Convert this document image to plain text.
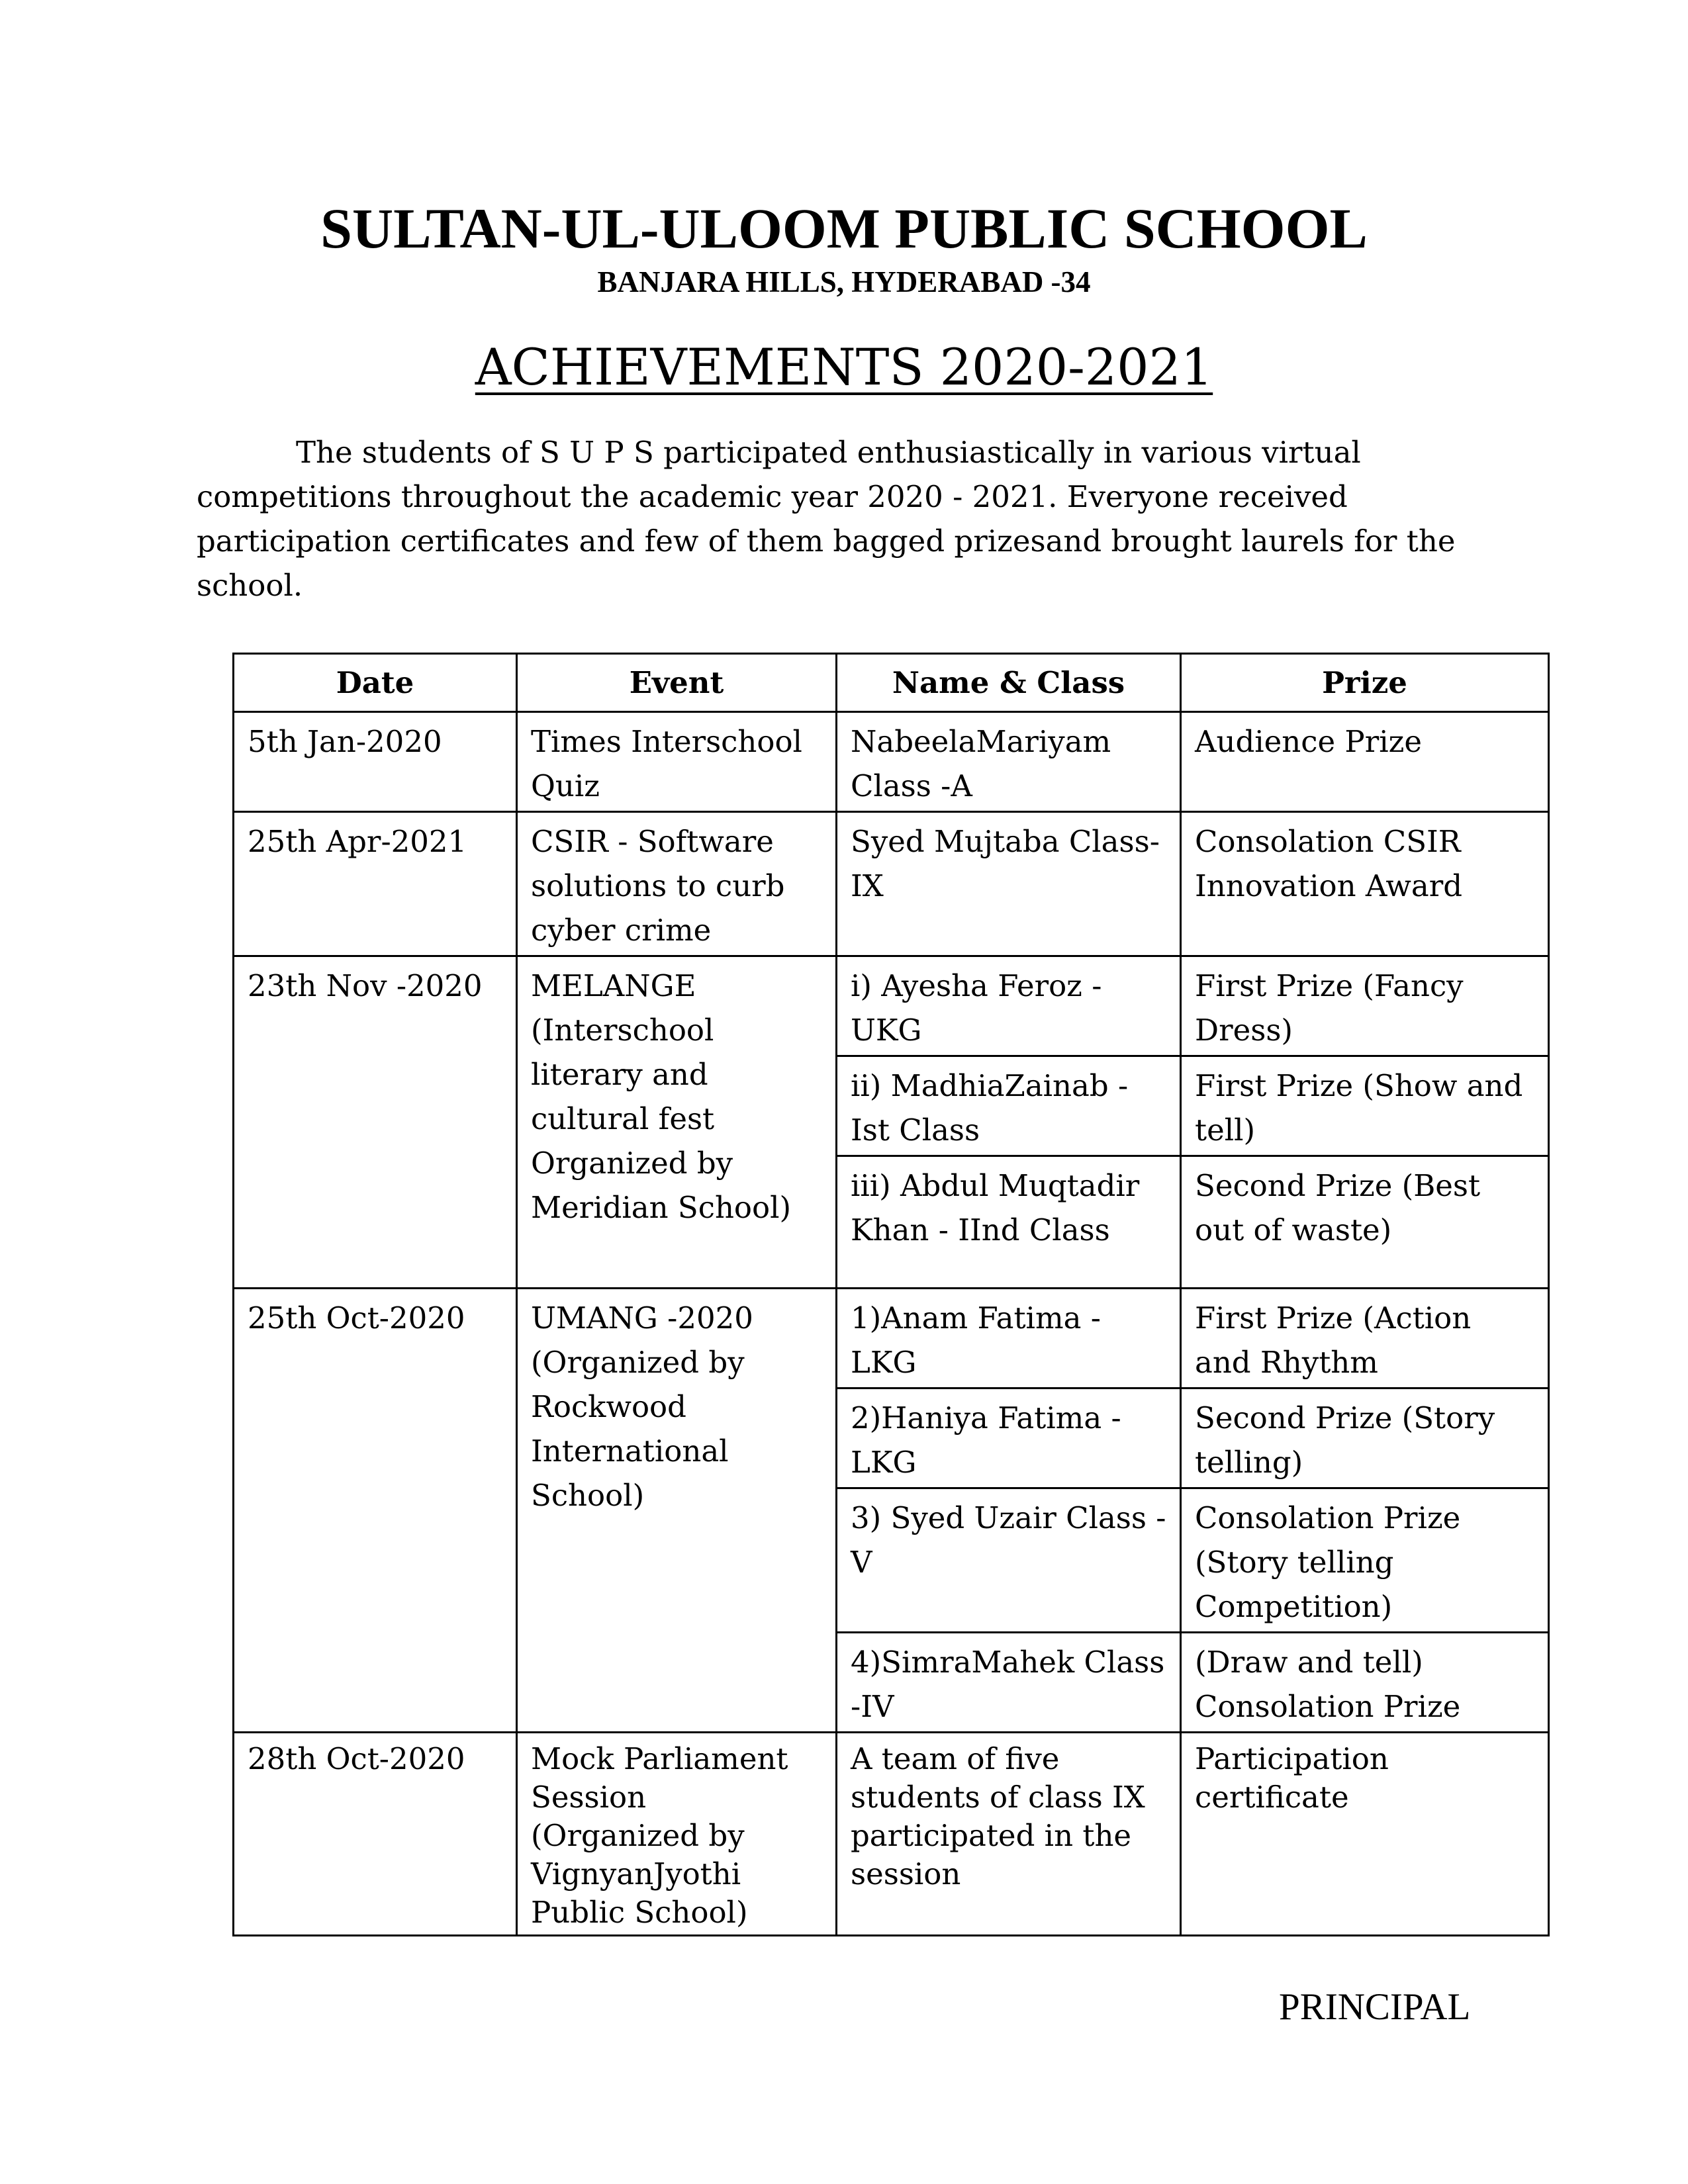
SULTAN-UL-ULOOM PUBLIC SCHOOL
BANJARA HILLS, HYDERABAD -34
ACHIEVEMENTS 2020-2021

The students of S U P S participated enthusiastically in various virtual competitions throughout the academic year 2020 - 2021. Everyone received participation certificates and few of them bagged prizesand brought laurels for the school.

Date	Event	Name & Class	Prize
5th Jan-2020	Times Interschool Quiz	NabeelaMariyam Class -A	Audience Prize
25th Apr-2021	CSIR - Software solutions to curb cyber crime	Syed Mujtaba Class-IX	Consolation CSIR Innovation Award
23th Nov -2020	MELANGE (Interschool literary and cultural fest Organized by Meridian School)	i) Ayesha Feroz - UKG	First Prize (Fancy Dress)
		ii) MadhiaZainab - Ist Class	First Prize (Show and tell)
		iii) Abdul Muqtadir Khan - IInd Class	Second Prize (Best out of waste)
25th Oct-2020	UMANG -2020 (Organized by Rockwood International School)	1)Anam Fatima - LKG	First Prize (Action and Rhythm
		2)Haniya Fatima - LKG	Second Prize (Story telling)
		3) Syed Uzair Class -V	Consolation Prize (Story telling Competition)
		4)SimraMahek Class -IV	(Draw and tell) Consolation Prize
28th Oct-2020	Mock Parliament Session (Organized by VignyanJyothi Public School)	A team of five students of class IX participated in the session	Participation certificate

PRINCIPAL
